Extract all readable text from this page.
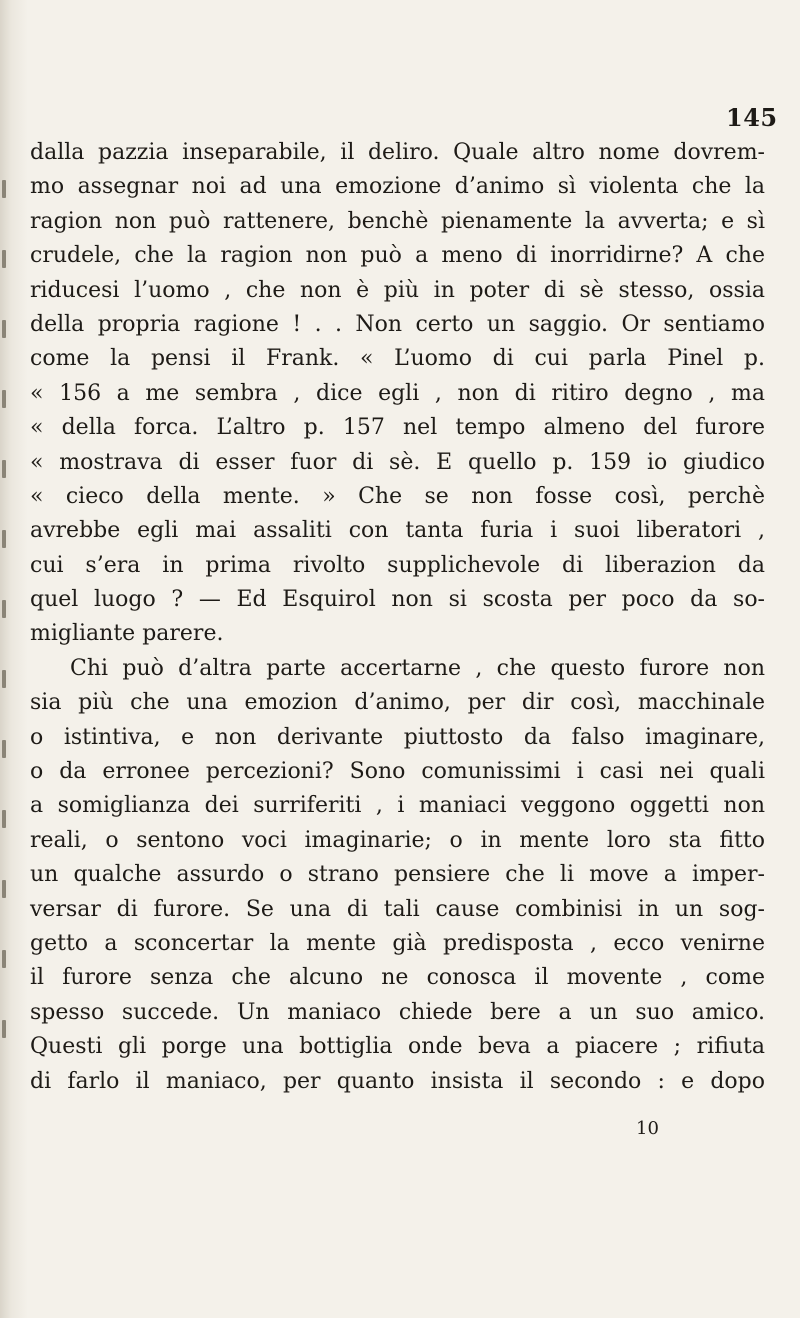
145
dalla pazzia inseparabile, il deliro. Quale altro nome dovrem-
mo assegnar noi ad una emozione d’animo sì violenta che la
ragion non può rattenere, benchè pienamente la avverta; e sì
crudele, che la ragion non può a meno di inorridirne? A che
riducesi l’uomo , che non è più in poter di sè stesso, ossia
della propria ragione ! . . Non certo un saggio. Or sentiamo
come la pensi il Frank. « L’uomo di cui parla Pinel p.
« 156 a me sembra , dice egli , non di ritiro degno , ma
« della forca. L’altro p. 157 nel tempo almeno del furore
« mostrava di esser fuor di sè. E quello p. 159 io giudico
« cieco della mente. » Che se non fosse così, perchè
avrebbe egli mai assaliti con tanta furia i suoi liberatori ,
cui s’era in prima rivolto supplichevole di liberazion da
quel luogo ? — Ed Esquirol non si scosta per poco da so-
migliante parere.
Chi può d’altra parte accertarne , che questo furore non
sia più che una emozion d’animo, per dir così, macchinale
o istintiva, e non derivante piuttosto da falso imaginare,
o da erronee percezioni? Sono comunissimi i casi nei quali
a somiglianza dei surriferiti , i maniaci veggono oggetti non
reali, o sentono voci imaginarie; o in mente loro sta fitto
un qualche assurdo o strano pensiere che li move a imper-
versar di furore. Se una di tali cause combinisi in un sog-
getto a sconcertar la mente già predisposta , ecco venirne
il furore senza che alcuno ne conosca il movente , come
spesso succede. Un maniaco chiede bere a un suo amico.
Questi gli porge una bottiglia onde beva a piacere ; rifiuta
di farlo il maniaco, per quanto insista il secondo : e dopo
10
